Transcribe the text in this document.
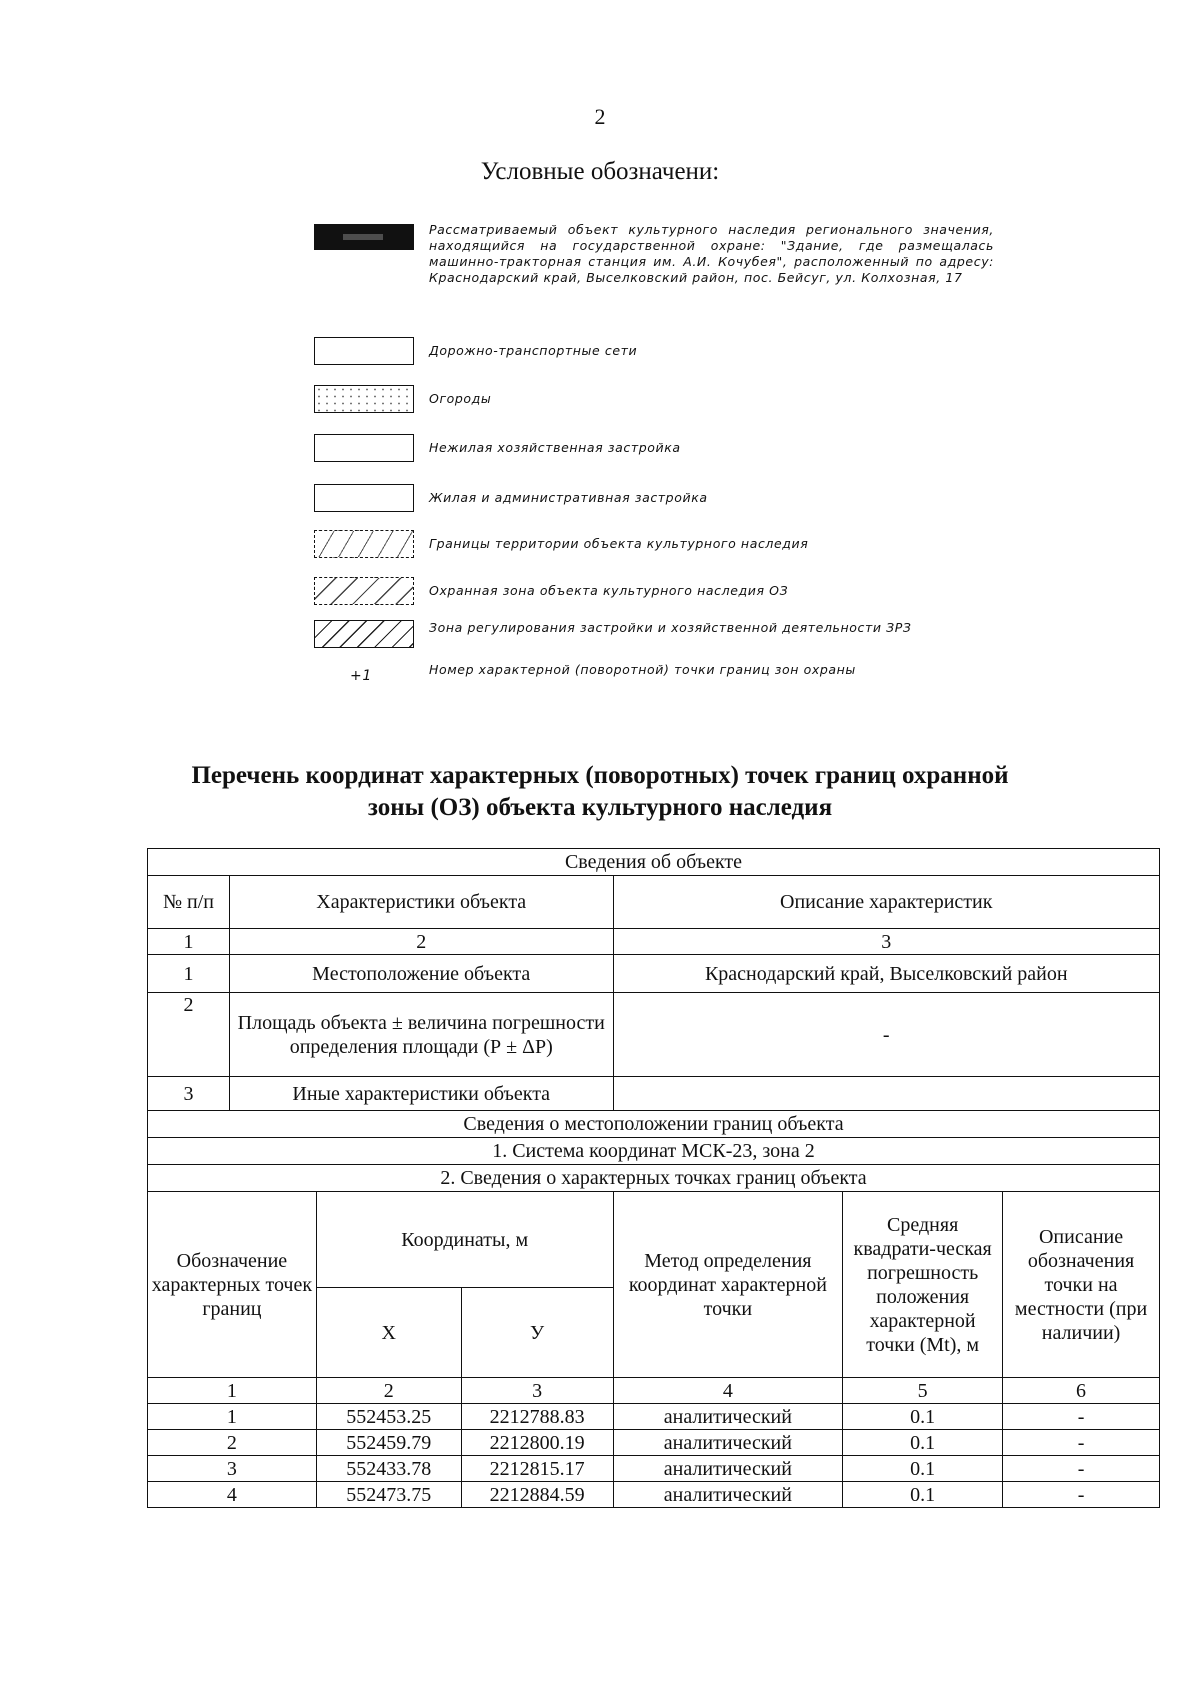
2
Условные обозначени:
Рассматриваемый объект культурного наследия регионального значения, находящийся на государственной охране: "Здание, где размещалась машинно-тракторная станция им. А.И. Кочубея", расположенный по адресу: Краснодарский край, Выселковский район, пос. Бейсуг, ул. Колхозная, 17
Дорожно-транспортные сети
Огороды
Нежилая хозяйственная застройка
Жилая и административная застройка
Границы территории объекта культурного наследия
Охранная зона объекта культурного наследия ОЗ
Зона регулирования застройки и хозяйственной деятельности ЗРЗ
+1	Номер характерной (поворотной) точки границ зон охраны
Перечень координат характерных (поворотных) точек границ охранной
зоны (ОЗ) объекта культурного наследия
Сведения об объекте						
№ п/п	Характеристики объекта			Описание характеристик		
1	2			3		
1	Местоположение объекта			Краснодарский край, Выселковский район		
2	Площадь объекта ± величина погрешности определения площади (Р ± ΔР)			-		
3	Иные характеристики объекта					
Сведения о местоположении границ объекта						
1. Система координат МСК-23, зона 2						
2. Сведения о характерных точках границ объекта						
Обозначение характерных точек границ		Координаты, м		Метод определения координат характерной точки	Средняя квадрати-ческая погрешность положения характерной точки (Mt), м	Описание обозначения точки на местности (при наличии)
		Х	У			
1		2	3	4	5	6
1		552453.25	2212788.83	аналитический	0.1	-
2		552459.79	2212800.19	аналитический	0.1	-
3		552433.78	2212815.17	аналитический	0.1	-
4		552473.75	2212884.59	аналитический	0.1	-
